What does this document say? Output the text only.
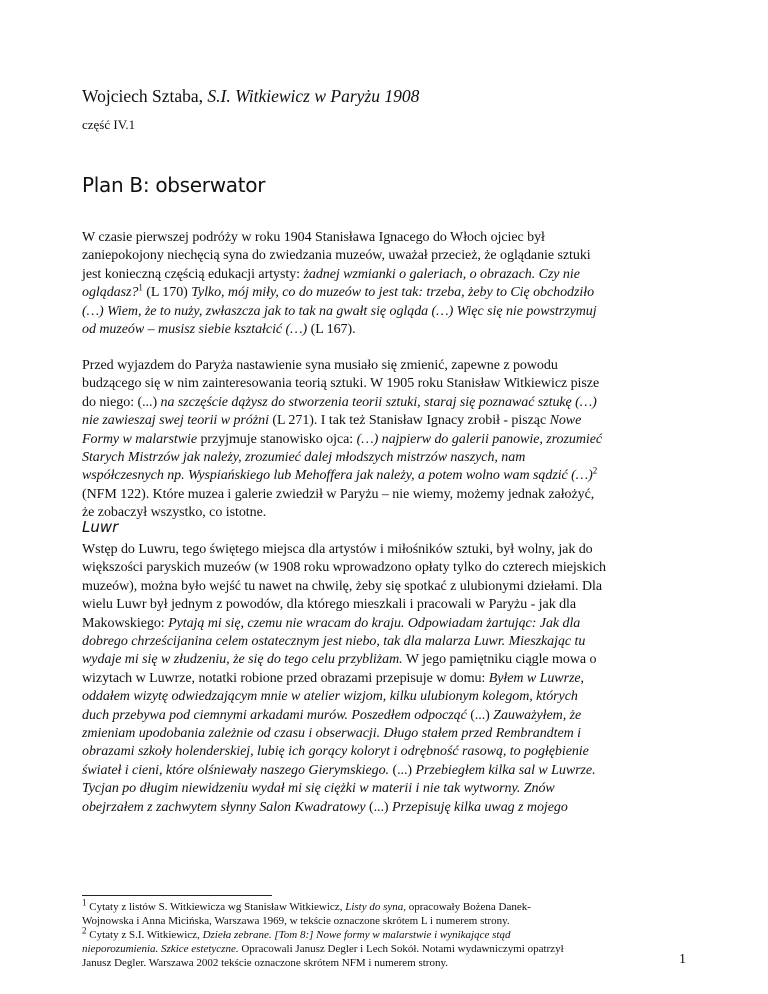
Wojciech Sztaba, S.I. Witkiewicz w Paryżu 1908
część IV.1
Plan B: obserwator
W czasie pierwszej podróży w roku 1904 Stanisława Ignacego do Włoch ojciec był
zaniepokojony niechęcią syna do zwiedzania muzeów, uważał przecież, że oglądanie sztuki
jest konieczną częścią edukacji artysty: żadnej wzmianki o galeriach, o obrazach. Czy nie
oglądasz?$^1$ (L 170) Tylko, mój miły, co do muzeów to jest tak: trzeba, żeby to Cię obchodziło
(…) Wiem, że to nuży, zwłaszcza jak to tak na gwałt się ogląda (…) Więc się nie powstrzymuj
od muzeów – musisz siebie kształcić (…) (L 167).
Przed wyjazdem do Paryża nastawienie syna musiało się zmienić, zapewne z powodu
budzącego się w nim zainteresowania teorią sztuki. W 1905 roku Stanisław Witkiewicz pisze
do niego: (...) na szczęście dążysz do stworzenia teorii sztuki, staraj się poznawać sztukę (…)
nie zawieszaj swej teorii w próżni (L 271). I tak też Stanisław Ignacy zrobił - pisząc Nowe
Formy w malarstwie przyjmuje stanowisko ojca: (…) najpierw do galerii panowie, zrozumieć
Starych Mistrzów jak należy, zrozumieć dalej młodszych mistrzów naszych, nam
współczesnych np. Wyspiańskiego lub Mehoffera jak należy, a potem wolno wam sądzić (…)$^2$
(NFM 122). Które muzea i galerie zwiedził w Paryżu – nie wiemy, możemy jednak założyć,
że zobaczył wszystko, co istotne.
Luwr
Wstęp do Luwru, tego świętego miejsca dla artystów i miłośników sztuki, był wolny, jak do
większości paryskich muzeów (w 1908 roku wprowadzono opłaty tylko do czterech miejskich
muzeów), można było wejść tu nawet na chwilę, żeby się spotkać z ulubionymi dziełami. Dla
wielu Luwr był jednym z powodów, dla którego mieszkali i pracowali w Paryżu - jak dla
Makowskiego: Pytają mi się, czemu nie wracam do kraju. Odpowiadam żartując: Jak dla
dobrego chrześcijanina celem ostatecznym jest niebo, tak dla malarza Luwr. Mieszkając tu
wydaje mi się w złudzeniu, że się do tego celu przybliżam. W jego pamiętniku ciągle mowa o
wizytach w Luwrze, notatki robione przed obrazami przepisuje w domu: Byłem w Luwrze,
oddałem wizytę odwiedzającym mnie w atelier wizjom, kilku ulubionym kolegom, których
duch przebywa pod ciemnymi arkadami murów. Poszedłem odpocząć (...) Zauważyłem, że
zmieniam upodobania zależnie od czasu i obserwacji. Długo stałem przed Rembrandtem i
obrazami szkoły holenderskiej, lubię ich gorący koloryt i odrębność rasową, to pogłębienie
świateł i cieni, które olśniewały naszego Gierymskiego. (...) Przebiegłem kilka sal w Luwrze.
Tycjan po długim niewidzeniu wydał mi się ciężki w materii i nie tak wytworny. Znów
obejrzałem z zachwytem słynny Salon Kwadratowy (...) Przepisuję kilka uwag z mojego
$^1$ Cytaty z listów S. Witkiewicza wg Stanisław Witkiewicz, Listy do syna, opracowały Bożena Danek-
Wojnowska i Anna Micińska, Warszawa 1969, w tekście oznaczone skrótem L i numerem strony.
$^2$ Cytaty z S.I. Witkiewicz, Dzieła zebrane. [Tom 8:] Nowe formy w malarstwie i wynikające stąd
nieporozumienia. Szkice estetyczne. Opracowali Janusz Degler i Lech Sokół. Notami wydawniczymi opatrzył
Janusz Degler. Warszawa 2002 tekście oznaczone skrótem NFM i numerem strony.	1
